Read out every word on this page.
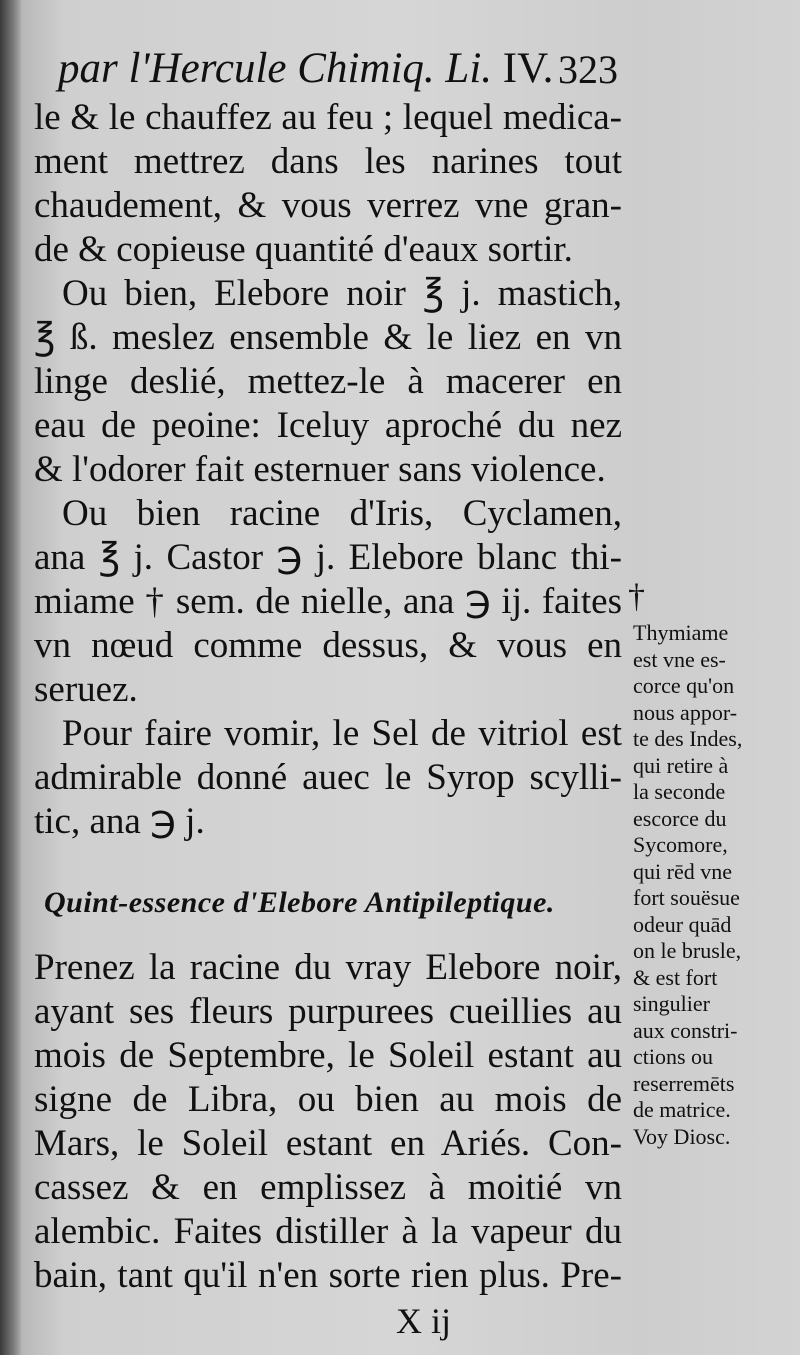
par l'Hercule Chimiq. Li. IV. 323
le & le chauffez au feu ; lequel medica-
ment mettrez dans les narines tout
chaudement, & vous verrez vne gran-
de & copieuse quantité d'eaux sortir.
Ou bien, Elebore noir ℥ j. mastich,
℥ ß. meslez ensemble & le liez en vn
linge deslié, mettez-le à macerer en
eau de peoine: Iceluy aproché du nez
& l'odorer fait esternuer sans violence.
Ou bien racine d'Iris, Cyclamen,
ana ℥ j. Castor ℈ j. Elebore blanc thi-
miame † sem. de nielle, ana ℈ ij. faites
vn nœud comme dessus, & vous en
seruez.
Pour faire vomir, le Sel de vitriol est
admirable donné auec le Syrop scylli-
tic, ana ℈ j.
Quint-essence d'Elebore Antipileptique.
Prenez la racine du vray Elebore noir,
ayant ses fleurs purpurees cueillies au
mois de Septembre, le Soleil estant au
signe de Libra, ou bien au mois de
Mars, le Soleil estant en Ariés. Con-
cassez & en emplissez à moitié vn
alembic. Faites distiller à la vapeur du
bain, tant qu'il n'en sorte rien plus. Pre-
†
Thymiame
est vne es-
corce qu'on
nous appor-
te des Indes,
qui retire à
la seconde
escorce du
Sycomore,
qui rēd vne
fort souësue
odeur quād
on le brusle,
& est fort
singulier
aux constri-
ctions ou
reserremēts
de matrice.
Voy Diosc.
X ij
